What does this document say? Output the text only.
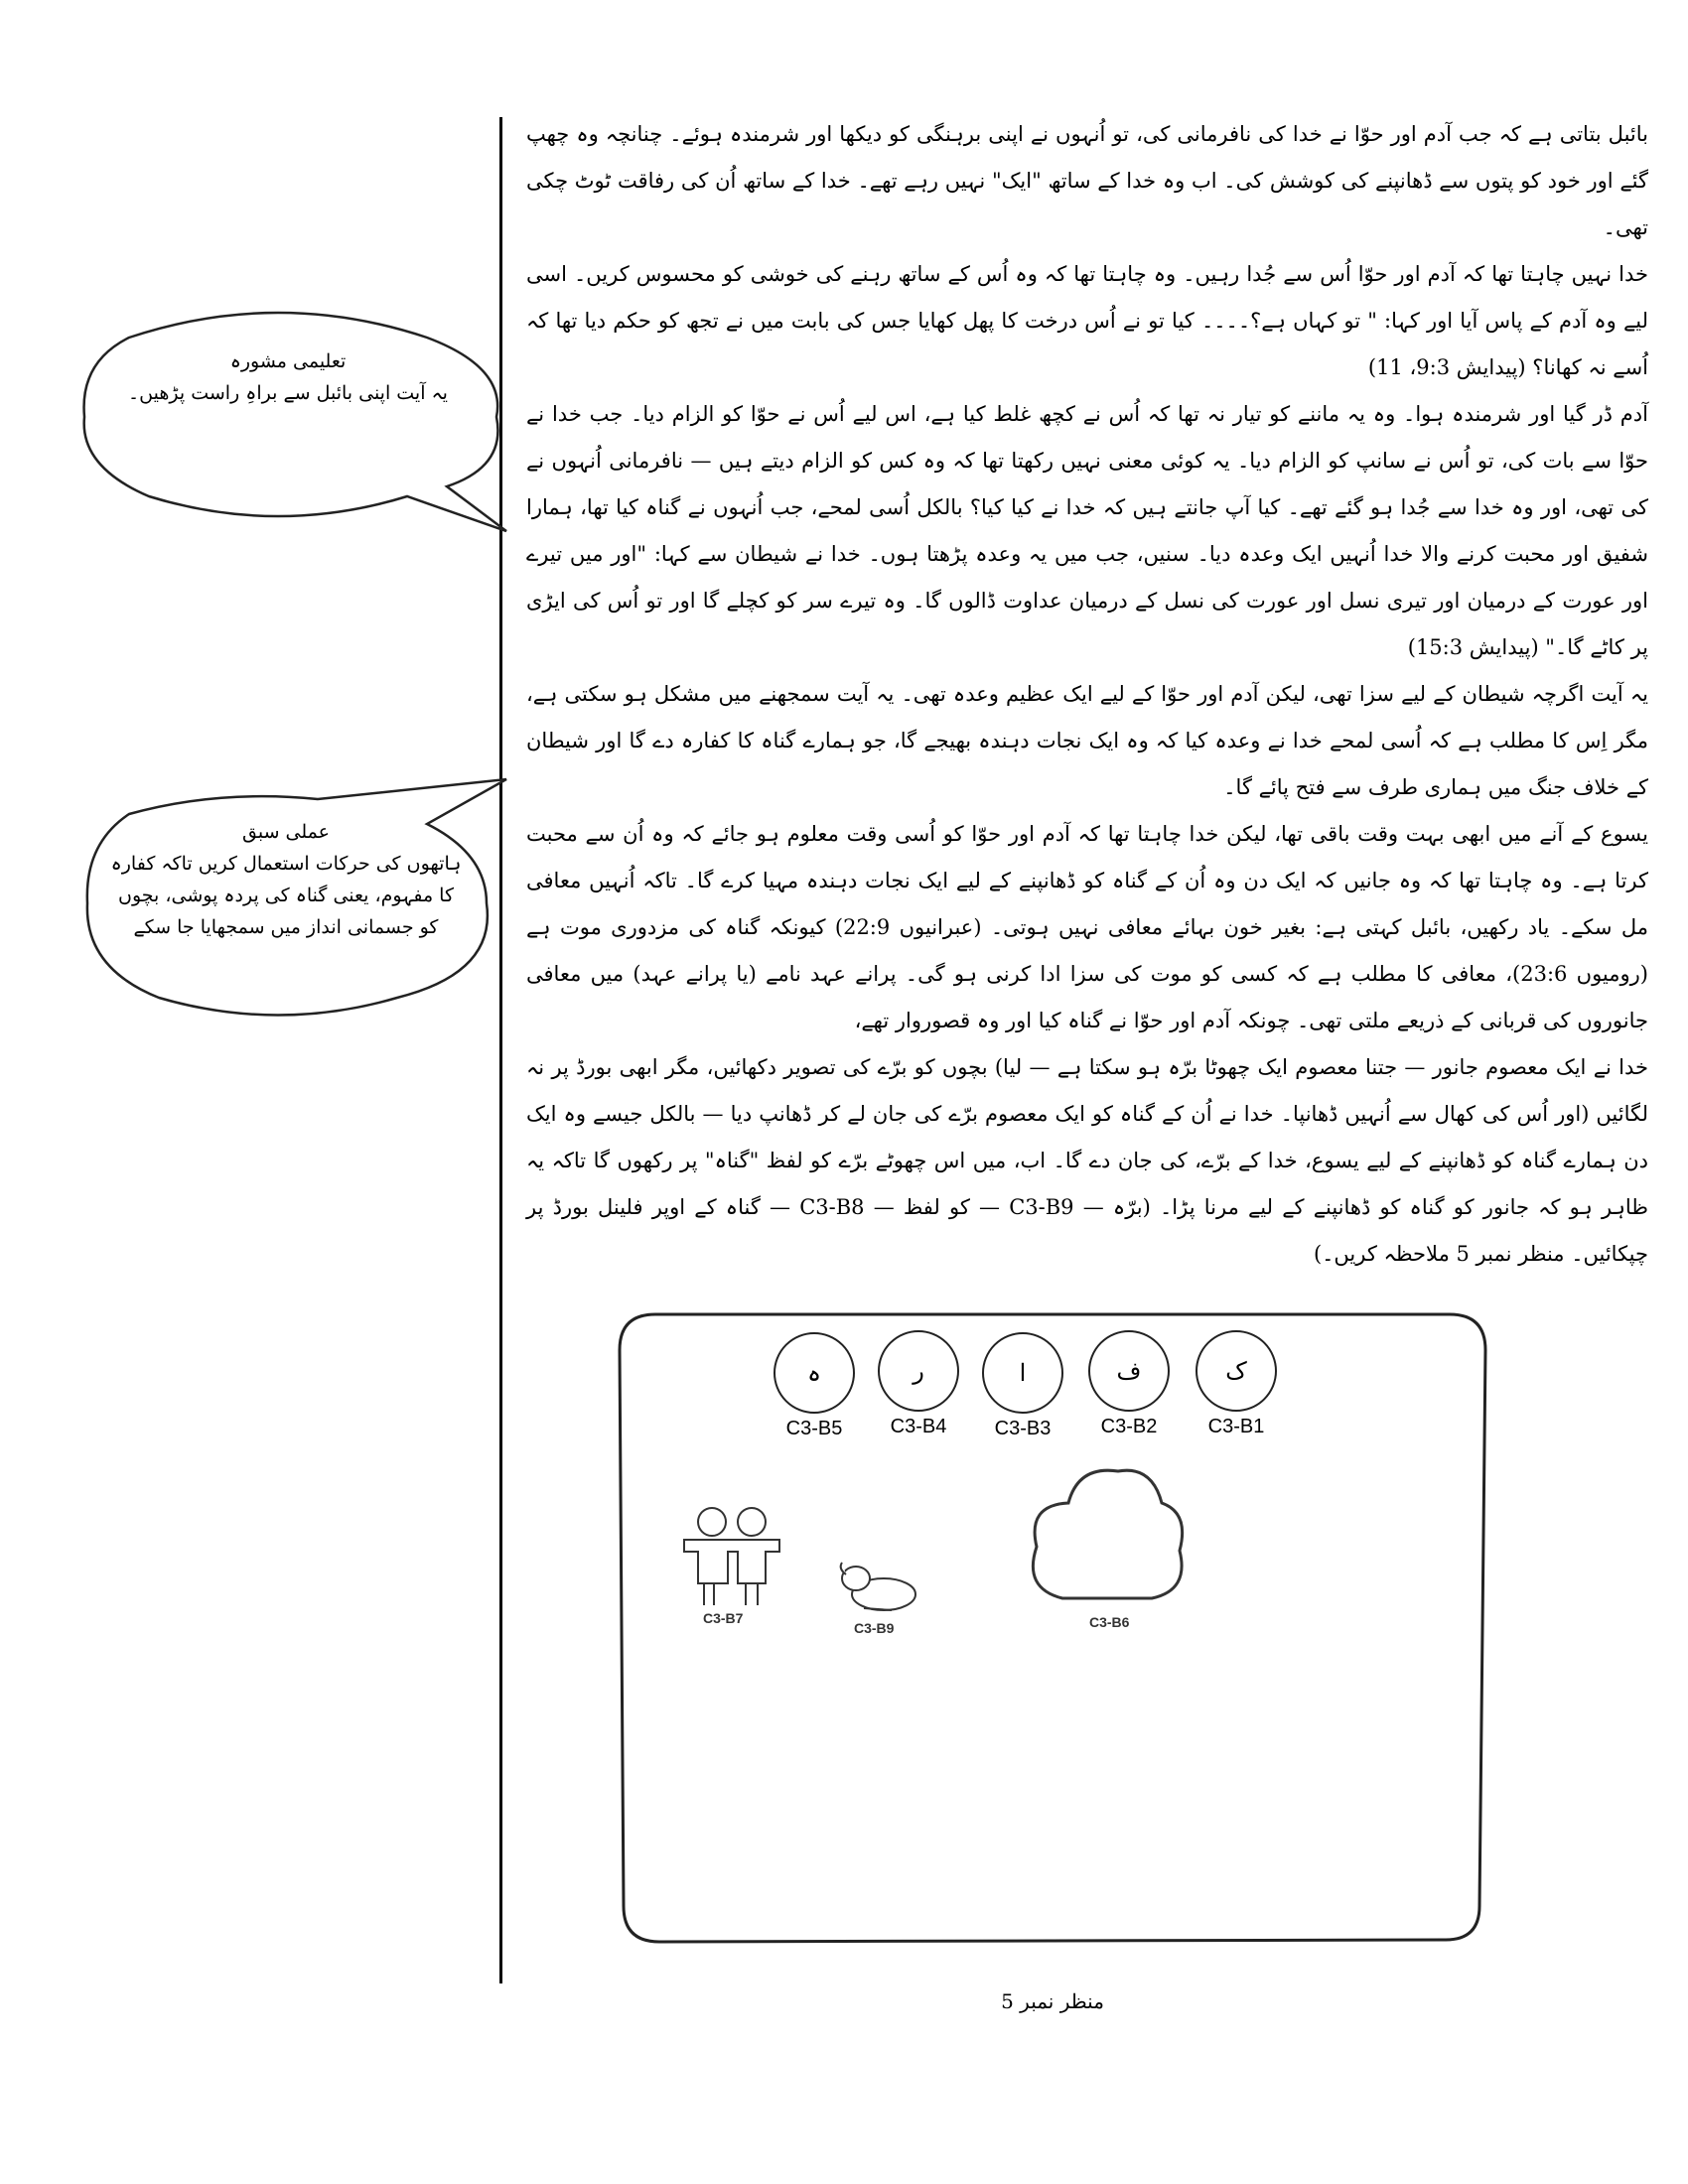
بائبل بتاتی ہے کہ جب آدم اور حوّا نے خدا کی نافرمانی کی، تو اُنہوں نے اپنی برہنگی کو دیکھا اور شرمندہ ہوئے۔ چنانچہ وہ چھپ گئے اور خود کو پتوں سے ڈھانپنے کی کوشش کی۔ اب وہ خدا کے ساتھ "ایک" نہیں رہے تھے۔ خدا کے ساتھ اُن کی رفاقت ٹوٹ چکی تھی۔

خدا نہیں چاہتا تھا کہ آدم اور حوّا اُس سے جُدا رہیں۔ وہ چاہتا تھا کہ وہ اُس کے ساتھ رہنے کی خوشی کو محسوس کریں۔ اسی لیے وہ آدم کے پاس آیا اور کہا: " تو کہاں ہے؟۔۔۔۔ کیا تو نے اُس درخت کا پھل کھایا جس کی بابت میں نے تجھ کو حکم دیا تھا کہ اُسے نہ کھانا؟ (پیدایش 9:3، 11)

آدم ڈر گیا اور شرمندہ ہوا۔ وہ یہ ماننے کو تیار نہ تھا کہ اُس نے کچھ غلط کیا ہے، اس لیے اُس نے حوّا کو الزام دیا۔ جب خدا نے حوّا سے بات کی، تو اُس نے سانپ کو الزام دیا۔ یہ کوئی معنی نہیں رکھتا تھا کہ وہ کس کو الزام دیتے ہیں — نافرمانی اُنہوں نے کی تھی، اور وہ خدا سے جُدا ہو گئے تھے۔ کیا آپ جانتے ہیں کہ خدا نے کیا کیا؟ بالکل اُسی لمحے، جب اُنہوں نے گناہ کیا تھا، ہمارا شفیق اور محبت کرنے والا خدا اُنہیں ایک وعدہ دیا۔ سنیں، جب میں یہ وعدہ پڑھتا ہوں۔ خدا نے شیطان سے کہا: "اور میں تیرے اور عورت کے درمیان اور تیری نسل اور عورت کی نسل کے درمیان عداوت ڈالوں گا۔ وہ تیرے سر کو کچلے گا اور تو اُس کی ایڑی پر کاٹے گا۔" (پیدایش 15:3)

یہ آیت اگرچہ شیطان کے لیے سزا تھی، لیکن آدم اور حوّا کے لیے ایک عظیم وعدہ تھی۔ یہ آیت سمجھنے میں مشکل ہو سکتی ہے، مگر اِس کا مطلب ہے کہ اُسی لمحے خدا نے وعدہ کیا کہ وہ ایک نجات دہندہ بھیجے گا، جو ہمارے گناہ کا کفارہ دے گا اور شیطان کے خلاف جنگ میں ہماری طرف سے فتح پائے گا۔

یسوع کے آنے میں ابھی بہت وقت باقی تھا، لیکن خدا چاہتا تھا کہ آدم اور حوّا کو اُسی وقت معلوم ہو جائے کہ وہ اُن سے محبت کرتا ہے۔ وہ چاہتا تھا کہ وہ جانیں کہ ایک دن وہ اُن کے گناہ کو ڈھانپنے کے لیے ایک نجات دہندہ مہیا کرے گا۔ تاکہ اُنہیں معافی مل سکے۔ یاد رکھیں، بائبل کہتی ہے: بغیر خون بہائے معافی نہیں ہوتی۔ (عبرانیوں 22:9) کیونکہ گناہ کی مزدوری موت ہے (رومیوں 23:6)، معافی کا مطلب ہے کہ کسی کو موت کی سزا ادا کرنی ہو گی۔ پرانے عہد نامے (یا پرانے عہد) میں معافی جانوروں کی قربانی کے ذریعے ملتی تھی۔ چونکہ آدم اور حوّا نے گناہ کیا اور وہ قصوروار تھے،

خدا نے ایک معصوم جانور — جتنا معصوم ایک چھوٹا برّہ ہو سکتا ہے — لیا) بچوں کو برّے کی تصویر دکھائیں، مگر ابھی بورڈ پر نہ لگائیں (اور اُس کی کھال سے اُنہیں ڈھانپا۔ خدا نے اُن کے گناہ کو ایک معصوم برّے کی جان لے کر ڈھانپ دیا — بالکل جیسے وہ ایک دن ہمارے گناہ کو ڈھانپنے کے لیے یسوع، خدا کے برّے، کی جان دے گا۔ اب، میں اس چھوٹے برّے کو لفظ "گناہ" پر رکھوں گا تاکہ یہ ظاہر ہو کہ جانور کو گناہ کو ڈھانپنے کے لیے مرنا پڑا۔ (برّہ — C3-B9 — کو لفظ — C3-B8 — گناہ کے اوپر فلینل بورڈ پر چپکائیں۔ منظر نمبر 5 ملاحظہ کریں۔)

تعلیمی مشورہ
یہ آیت اپنی بائبل سے براہِ راست پڑھیں۔
عملی سبق
ہاتھوں کی حرکات استعمال کریں تاکہ کفارہ کا مفہوم، یعنی گناہ کی پردہ پوشی، بچوں کو جسمانی انداز میں سمجھایا جا سکے
ک
C3-B1
ف
C3-B2
ا
C3-B3
ر
C3-B4
ہ
C3-B5
C3-B7
C3-B9	C3-B6
منظر نمبر 5
